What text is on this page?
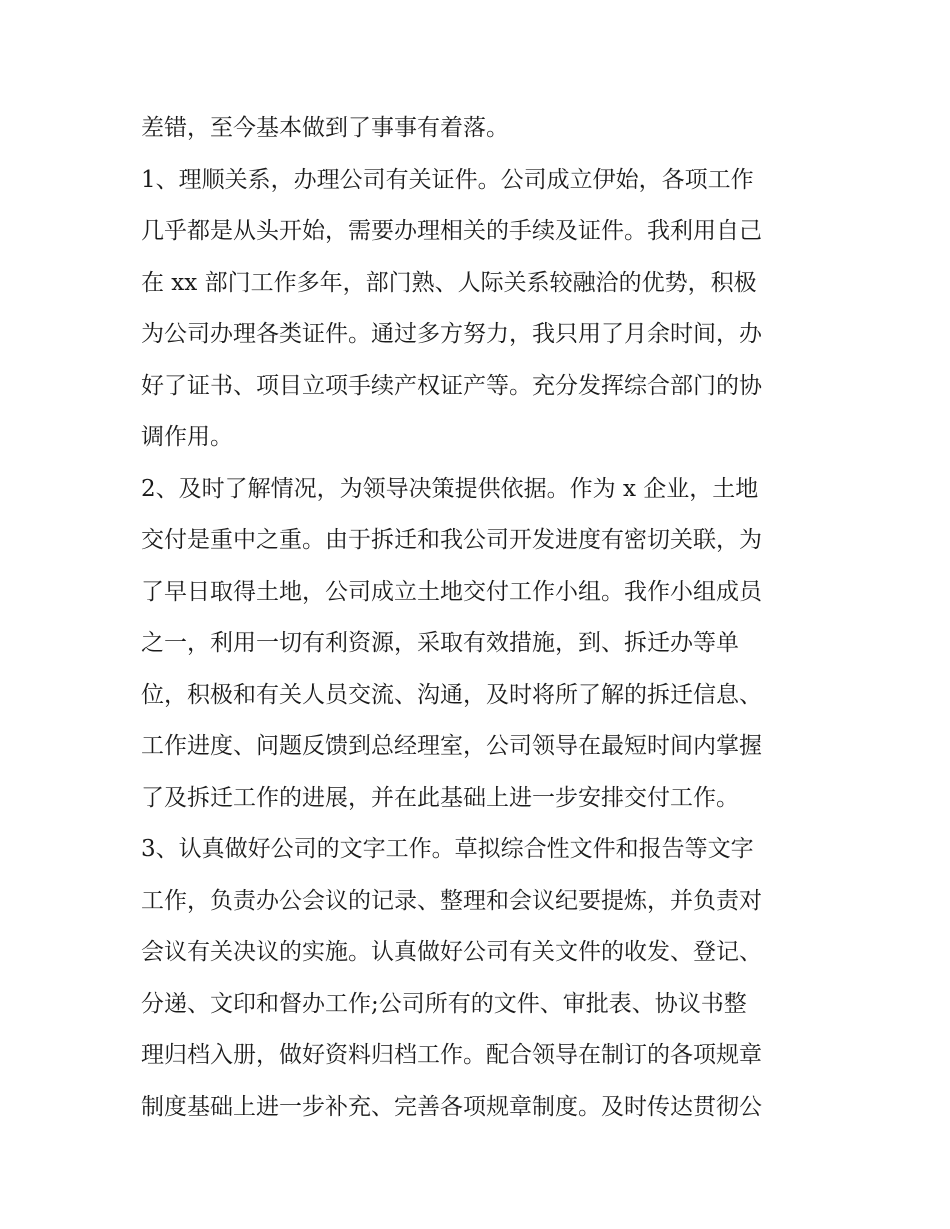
差错，至今基本做到了事事有着落。
1、理顺关系，办理公司有关证件。公司成立伊始，各项工作
几乎都是从头开始，需要办理相关的手续及证件。我利用自己
在 xx 部门工作多年，部门熟、人际关系较融洽的优势，积极
为公司办理各类证件。通过多方努力，我只用了月余时间，办
好了证书、项目立项手续产权证产等。充分发挥综合部门的协
调作用。
2、及时了解情况，为领导决策提供依据。作为 x 企业，土地
交付是重中之重。由于拆迁和我公司开发进度有密切关联，为
了早日取得土地，公司成立土地交付工作小组。我作小组成员
之一，利用一切有利资源，采取有效措施，到、拆迁办等单
位，积极和有关人员交流、沟通，及时将所了解的拆迁信息、
工作进度、问题反馈到总经理室，公司领导在最短时间内掌握
了及拆迁工作的进展，并在此基础上进一步安排交付工作。
3、认真做好公司的文字工作。草拟综合性文件和报告等文字
工作，负责办公会议的记录、整理和会议纪要提炼，并负责对
会议有关决议的实施。认真做好公司有关文件的收发、登记、
分递、文印和督办工作;公司所有的文件、审批表、协议书整
理归档入册，做好资料归档工作。配合领导在制订的各项规章
制度基础上进一步补充、完善各项规章制度。及时传达贯彻公
